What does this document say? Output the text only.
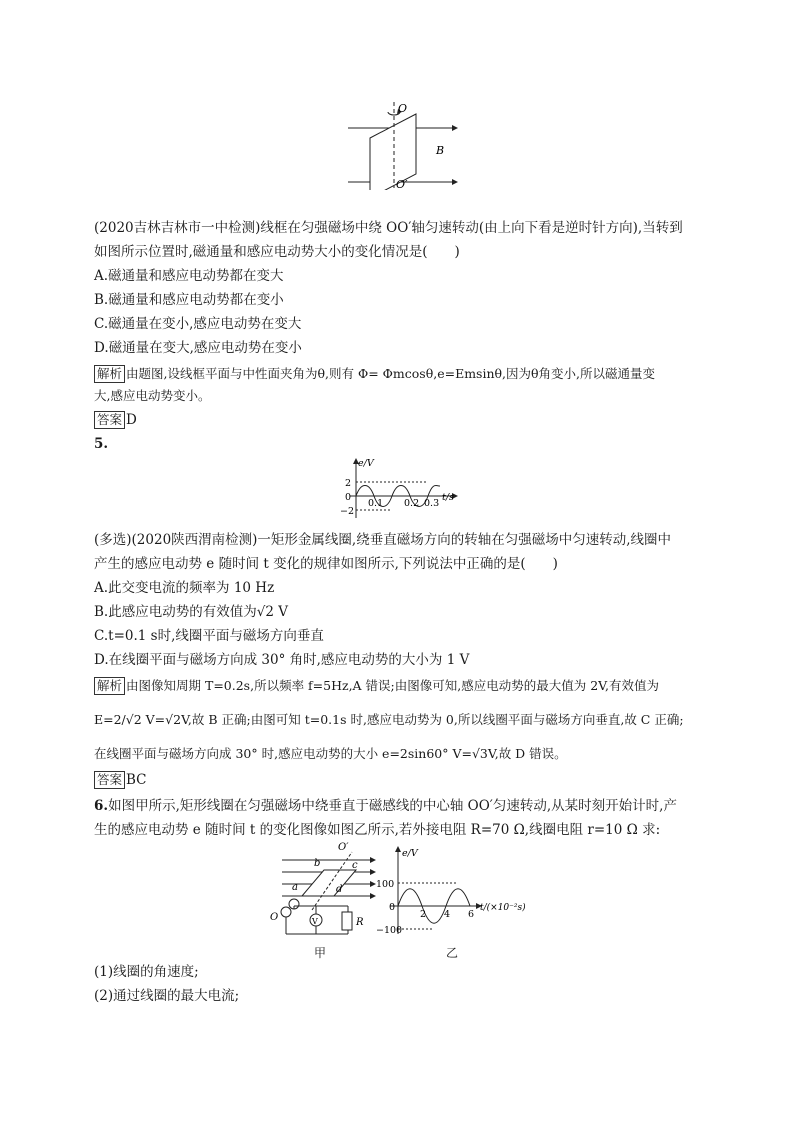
O
O′
B
(2020吉林吉林市一中检测)线框在匀强磁场中绕 OO′轴匀速转动(由上向下看是逆时针方向),当转到
如图所示位置时,磁通量和感应电动势大小的变化情况是(　　)
A.磁通量和感应电动势都在变大
B.磁通量和感应电动势都在变小
C.磁通量在变小,感应电动势在变大
D.磁通量在变大,感应电动势在变小
解析 由题图,设线框平面与中性面夹角为θ,则有 Φ= Φmcosθ,e=Emsinθ,因为θ角变小,所以磁通量变
大,感应电动势变小。
答案 D
5.
e/V
t/s
2
0
−2
0.1 0.2 0.3
(多选)(2020陕西渭南检测)一矩形金属线圈,绕垂直磁场方向的转轴在匀强磁场中匀速转动,线圈中
产生的感应电动势 e 随时间 t 变化的规律如图所示,下列说法中正确的是(　　)
A.此交变电流的频率为 10 Hz
B.此感应电动势的有效值为√2 V
C.t=0.1 s时,线圈平面与磁场方向垂直
D.在线圈平面与磁场方向成 30° 角时,感应电动势的大小为 1 V
解析 由图像知周期 T=0.2s,所以频率 f=5Hz,A 错误;由图像可知,感应电动势的最大值为 2V,有效值为
E=2/√2 V=√2V,故 B 正确;由图可知 t=0.1s 时,感应电动势为 0,所以线圈平面与磁场方向垂直,故 C 正确;
在线圈平面与磁场方向成 30° 时,感应电动势的大小 e=2sin60° V=√3V,故 D 错误。
答案 BC
6.如图甲所示,矩形线圈在匀强磁场中绕垂直于磁感线的中心轴 OO′匀速转动,从某时刻开始计时,产
生的感应电动势 e 随时间 t 的变化图像如图乙所示,若外接电阻 R=70 Ω,线圈电阻 r=10 Ω 求:
O′
c
b
a	d
O	V	R
甲
e/V
t/(×10⁻²s)
100
0
−100
2 4 6
乙
(1)线圈的角速度;
(2)通过线圈的最大电流;
